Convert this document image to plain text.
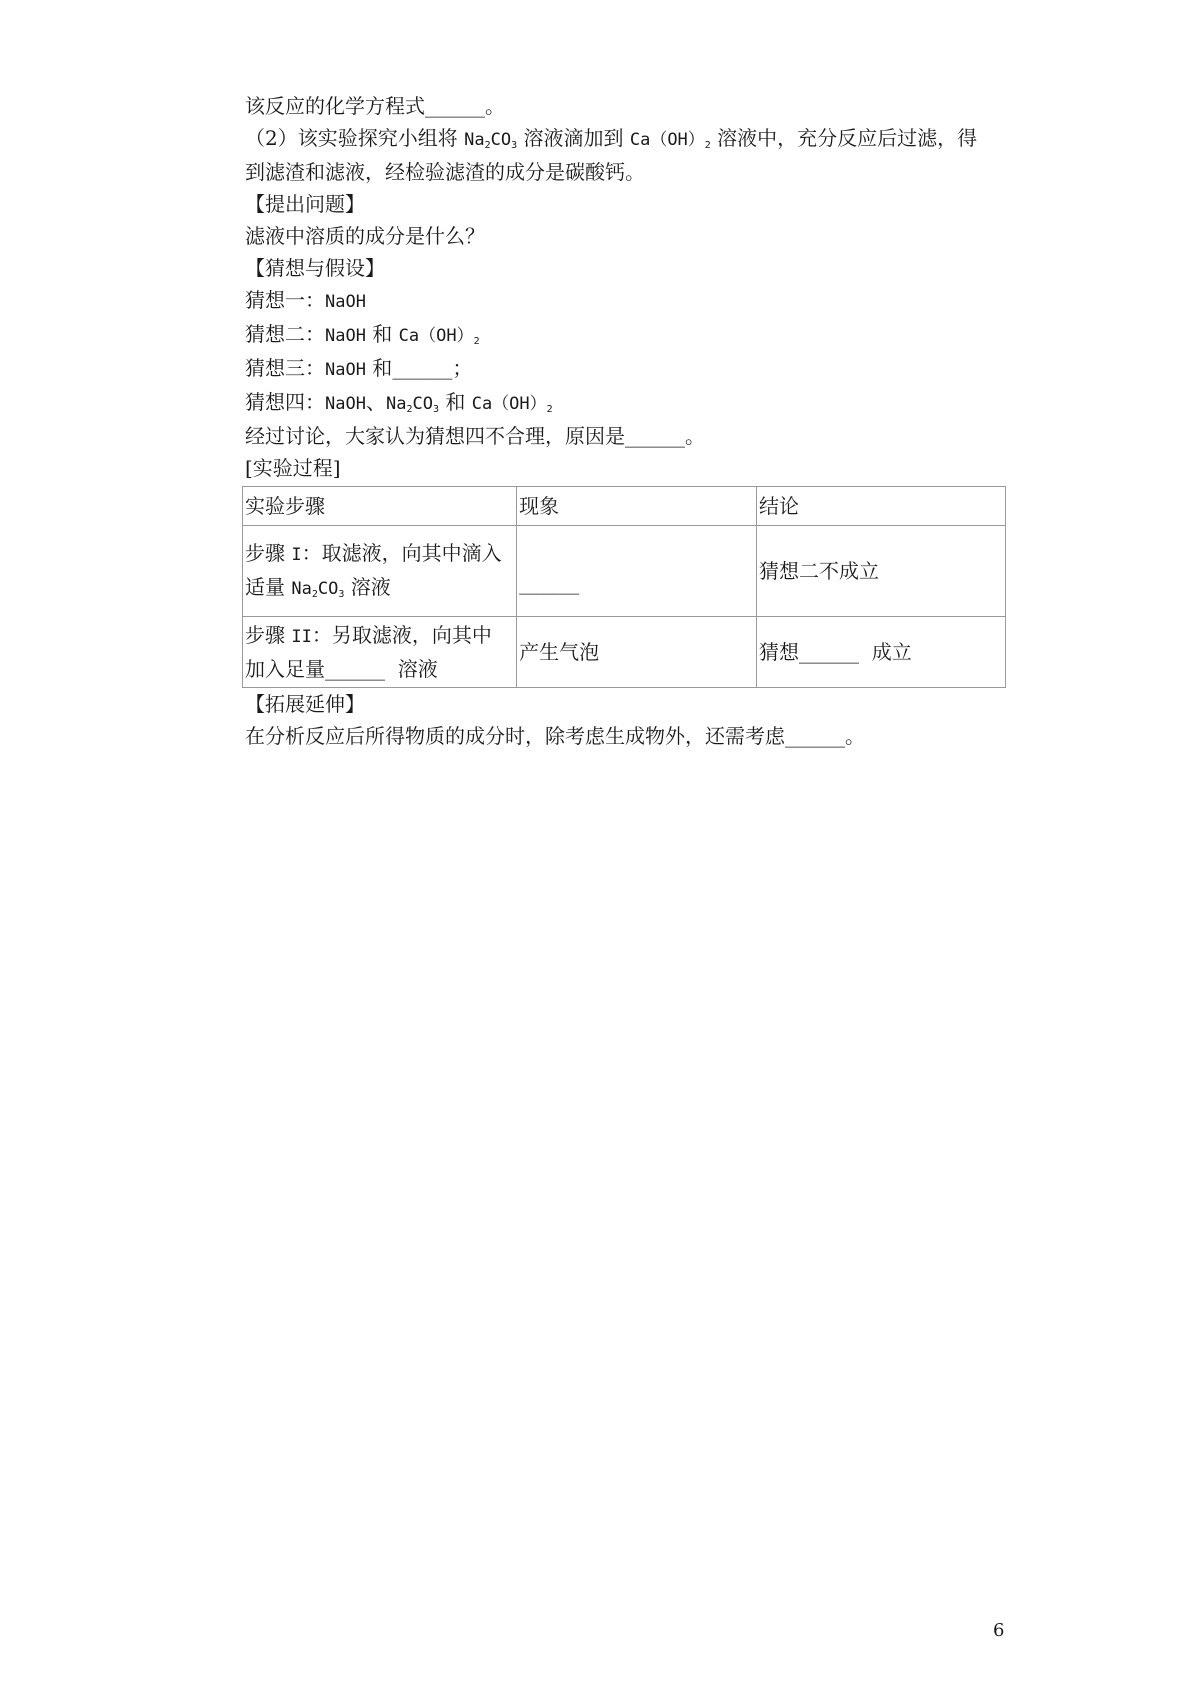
该反应的化学方程式______。
（2）该实验探究小组将 $Na_2CO_3$ 溶液滴加到 $Ca(OH)_2$ 溶液中，充分反应后过滤，得
到滤渣和滤液，经检验滤渣的成分是碳酸钙。
【提出问题】
滤液中溶质的成分是什么？
【猜想与假设】
猜想一：NaOH
猜想二：NaOH 和 $Ca(OH)_2$
猜想三：NaOH 和______；
猜想四：NaOH、$Na_2CO_3$ 和 $Ca(OH)_2$
经过讨论，大家认为猜想四不合理，原因是______。
[实验过程]
实验步骤	现象	结论

步骤 I：取滤液，向其中滴入
适量 $Na_2CO_3$ 溶液	______	猜想二不成立

步骤 II：另取滤液，向其中
加入足量______  溶液	产生气泡	猜想______  成立
【拓展延伸】
在分析反应后所得物质的成分时，除考虑生成物外，还需考虑______。
6
